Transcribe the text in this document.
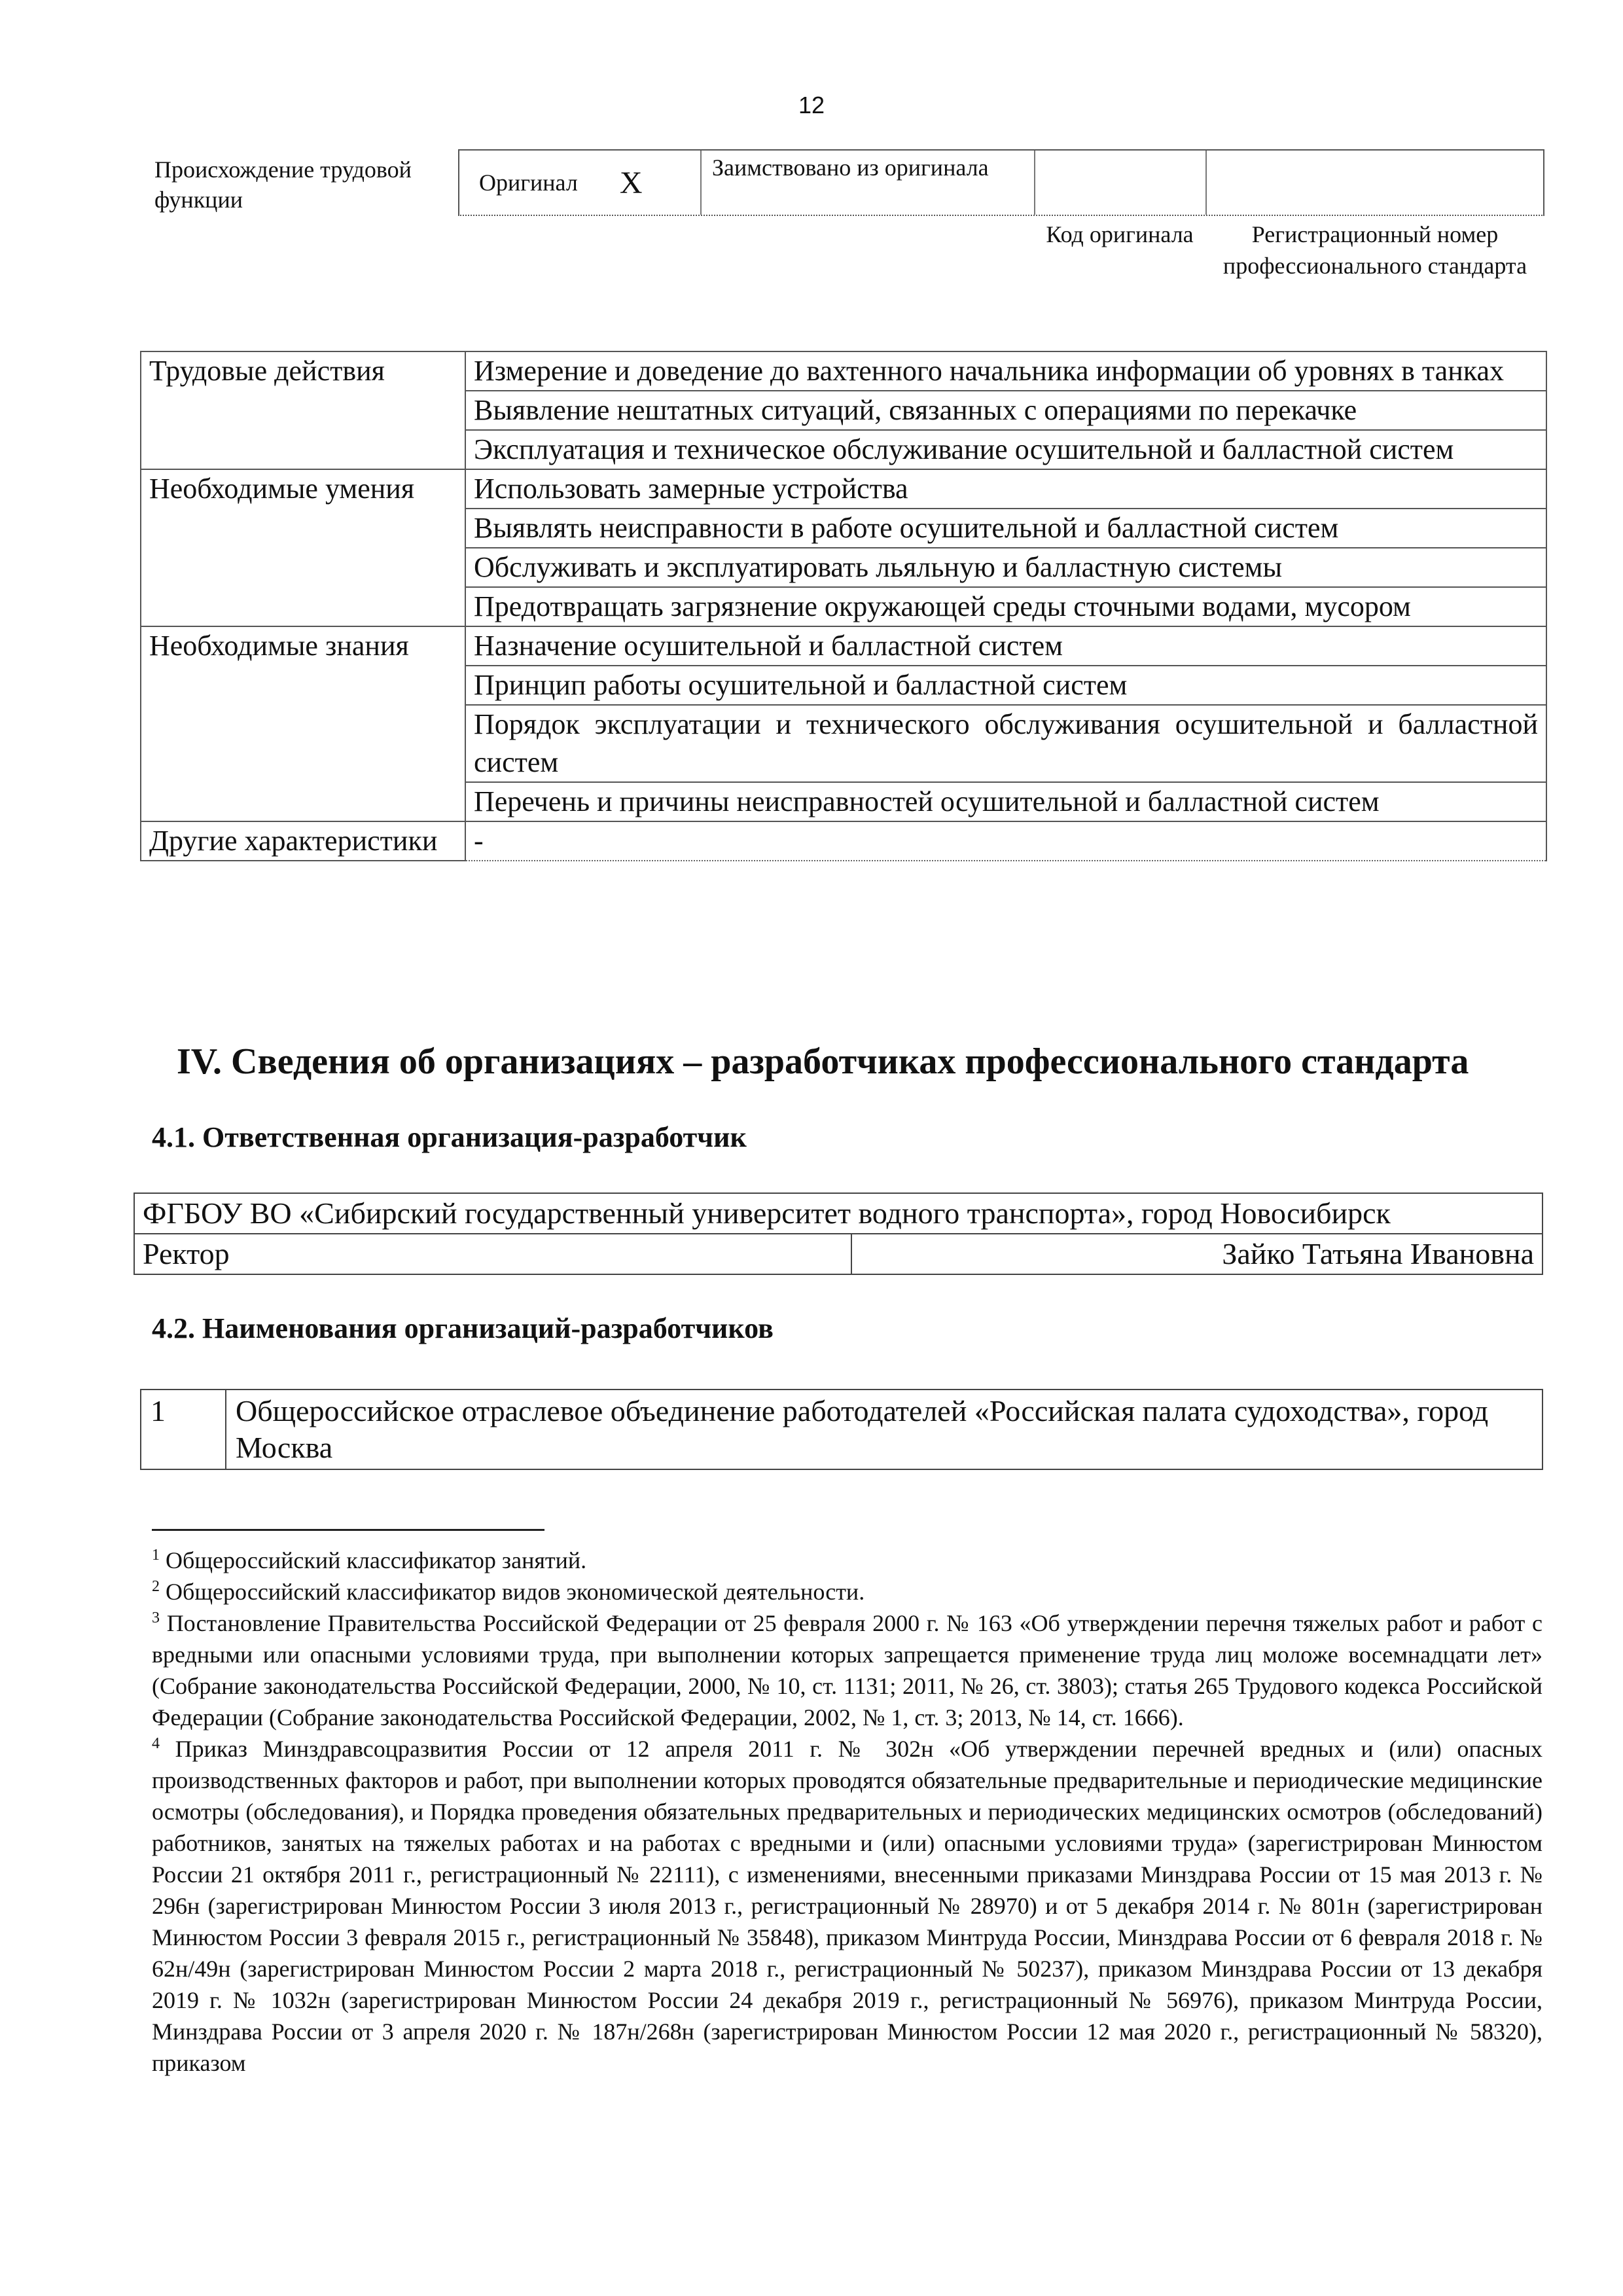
12
Происхождение трудовой функции
Оригинал X	Заимствовано из оригинала
Код оригинала	Регистрационный номер профессионального стандарта
Трудовые действия	Измерение и доведение до вахтенного начальника информации об уровнях в танках
	Выявление нештатных ситуаций, связанных с операциями по перекачке
	Эксплуатация и техническое обслуживание осушительной и балластной систем
Необходимые умения	Использовать замерные устройства
	Выявлять неисправности в работе осушительной и балластной систем
	Обслуживать и эксплуатировать льяльную и балластную системы
	Предотвращать загрязнение окружающей среды сточными водами, мусором
Необходимые знания	Назначение осушительной и балластной систем
	Принцип работы осушительной и балластной систем
	Порядок эксплуатации и технического обслуживания осушительной и балластной систем
	Перечень и причины неисправностей осушительной и балластной систем
Другие характеристики	-
IV. Сведения об организациях – разработчиках профессионального стандарта
4.1. Ответственная организация-разработчик
ФГБОУ ВО «Сибирский государственный университет водного транспорта», город Новосибирск
Ректор	Зайко Татьяна Ивановна
4.2. Наименования организаций-разработчиков
1	Общероссийское отраслевое объединение работодателей «Российская палата судоходства», город Москва

$^1$ Общероссийский классификатор занятий.

$^2$ Общероссийский классификатор видов экономической деятельности.

$^3$ Постановление Правительства Российской Федерации от 25 февраля 2000 г. № 163 «Об утверждении перечня тяжелых работ и работ с вредными или опасными условиями труда, при выполнении которых запрещается применение труда лиц моложе восемнадцати лет» (Собрание законодательства Российской Федерации, 2000, № 10, ст. 1131; 2011, № 26, ст. 3803); статья 265 Трудового кодекса Российской Федерации (Собрание законодательства Российской Федерации, 2002, № 1, ст. 3; 2013, № 14, ст. 1666).

$^4$ Приказ Минздравсоцразвития России от 12 апреля 2011 г. № 302н «Об утверждении перечней вредных и (или) опасных производственных факторов и работ, при выполнении которых проводятся обязательные предварительные и периодические медицинские осмотры (обследования), и Порядка проведения обязательных предварительных и периодических медицинских осмотров (обследований) работников, занятых на тяжелых работах и на работах с вредными и (или) опасными условиями труда» (зарегистрирован Минюстом России 21 октября 2011 г., регистрационный № 22111), с изменениями, внесенными приказами Минздрава России от 15 мая 2013 г. № 296н (зарегистрирован Минюстом России 3 июля 2013 г., регистрационный № 28970) и от 5 декабря 2014 г. № 801н (зарегистрирован Минюстом России 3 февраля 2015 г., регистрационный № 35848), приказом Минтруда России, Минздрава России от 6 февраля 2018 г. № 62н/49н (зарегистрирован Минюстом России 2 марта 2018 г., регистрационный № 50237), приказом Минздрава России от 13 декабря 2019 г. № 1032н (зарегистрирован Минюстом России 24 декабря 2019 г., регистрационный № 56976), приказом Минтруда России, Минздрава России от 3 апреля 2020 г. № 187н/268н (зарегистрирован Минюстом России 12 мая 2020 г., регистрационный № 58320), приказом
